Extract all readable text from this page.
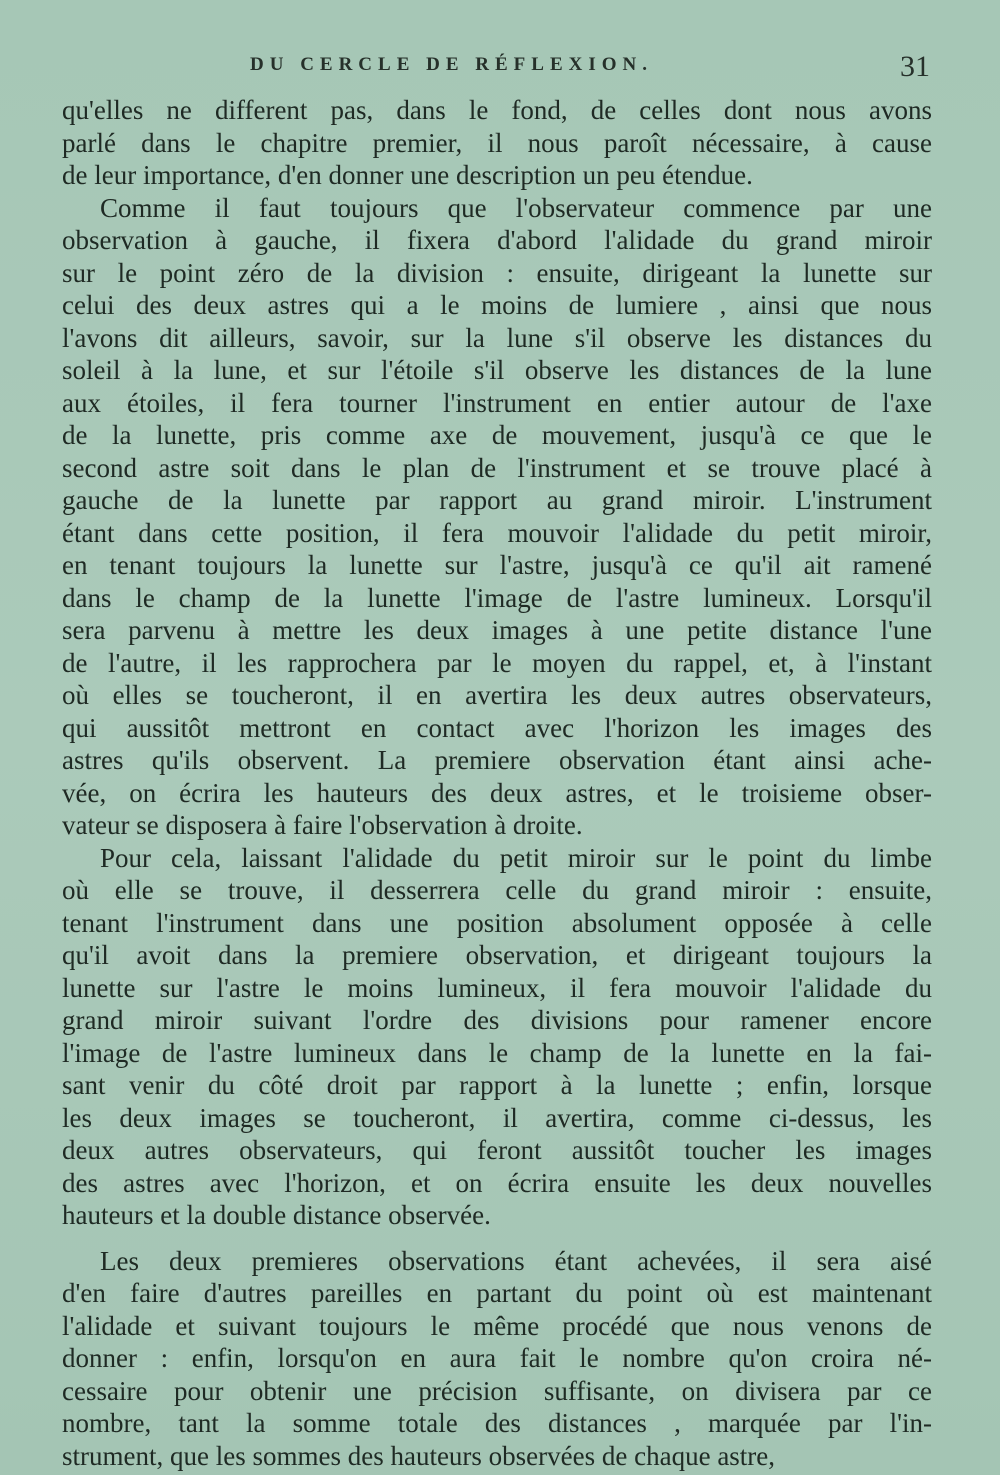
DU CERCLE DE RÉFLEXION.	31
qu'elles ne different pas, dans le fond, de celles dont nous avons
parlé dans le chapitre premier, il nous paroît nécessaire, à cause
de leur importance, d'en donner une description un peu étendue.
Comme il faut toujours que l'observateur commence par une
observation à gauche, il fixera d'abord l'alidade du grand miroir
sur le point zéro de la division : ensuite, dirigeant la lunette sur
celui des deux astres qui a le moins de lumiere , ainsi que nous
l'avons dit ailleurs, savoir, sur la lune s'il observe les distances du
soleil à la lune, et sur l'étoile s'il observe les distances de la lune
aux étoiles, il fera tourner l'instrument en entier autour de l'axe
de la lunette, pris comme axe de mouvement, jusqu'à ce que le
second astre soit dans le plan de l'instrument et se trouve placé à
gauche de la lunette par rapport au grand miroir. L'instrument
étant dans cette position, il fera mouvoir l'alidade du petit miroir,
en tenant toujours la lunette sur l'astre, jusqu'à ce qu'il ait ramené
dans le champ de la lunette l'image de l'astre lumineux. Lorsqu'il
sera parvenu à mettre les deux images à une petite distance l'une
de l'autre, il les rapprochera par le moyen du rappel, et, à l'instant
où elles se toucheront, il en avertira les deux autres observateurs,
qui aussitôt mettront en contact avec l'horizon les images des
astres qu'ils observent. La premiere observation étant ainsi ache-
vée, on écrira les hauteurs des deux astres, et le troisieme obser-
vateur se disposera à faire l'observation à droite.
Pour cela, laissant l'alidade du petit miroir sur le point du limbe
où elle se trouve, il desserrera celle du grand miroir : ensuite,
tenant l'instrument dans une position absolument opposée à celle
qu'il avoit dans la premiere observation, et dirigeant toujours la
lunette sur l'astre le moins lumineux, il fera mouvoir l'alidade du
grand miroir suivant l'ordre des divisions pour ramener encore
l'image de l'astre lumineux dans le champ de la lunette en la fai-
sant venir du côté droit par rapport à la lunette ; enfin, lorsque
les deux images se toucheront, il avertira, comme ci-dessus, les
deux autres observateurs, qui feront aussitôt toucher les images
des astres avec l'horizon, et on écrira ensuite les deux nouvelles
hauteurs et la double distance observée.
Les deux premieres observations étant achevées, il sera aisé
d'en faire d'autres pareilles en partant du point où est maintenant
l'alidade et suivant toujours le même procédé que nous venons de
donner : enfin, lorsqu'on en aura fait le nombre qu'on croira né-
cessaire pour obtenir une précision suffisante, on divisera par ce
nombre, tant la somme totale des distances , marquée par l'in-
strument, que les sommes des hauteurs observées de chaque astre,
